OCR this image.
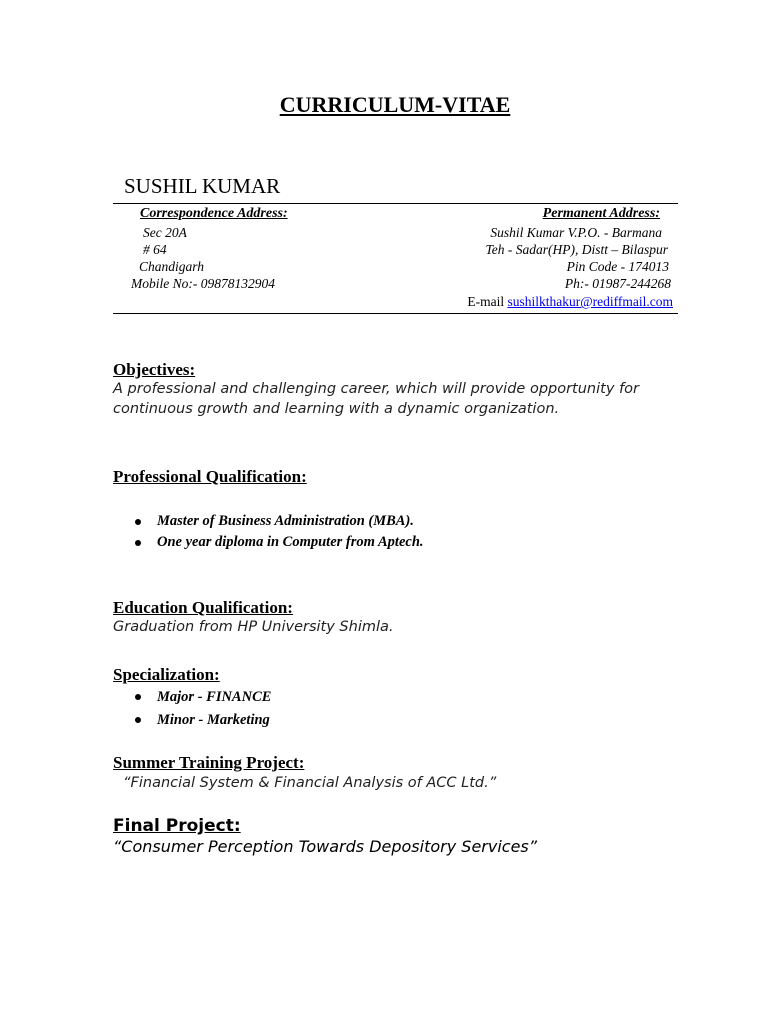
CURRICULUM-VITAE
SUSHIL KUMAR
Correspondence Address:
Sec 20A
# 64
Chandigarh
Mobile No:- 09878132904
Permanent Address:
Sushil Kumar V.P.O. - Barmana
Teh - Sadar(HP), Distt – Bilaspur
Pin Code - 174013
Ph:- 01987-244268
E-mail sushilkthakur@rediffmail.com
Objectives:
A professional and challenging career, which will provide opportunity for
continuous growth and learning with a dynamic organization.
Professional Qualification:
Master of Business Administration (MBA).
One year diploma in Computer from Aptech.
Education Qualification:
Graduation from HP University Shimla.
Specialization:
Major - FINANCE
Minor - Marketing
Summer Training Project:
“Financial System & Financial Analysis of ACC Ltd.”
Final Project:
“Consumer Perception Towards Depository Services”
